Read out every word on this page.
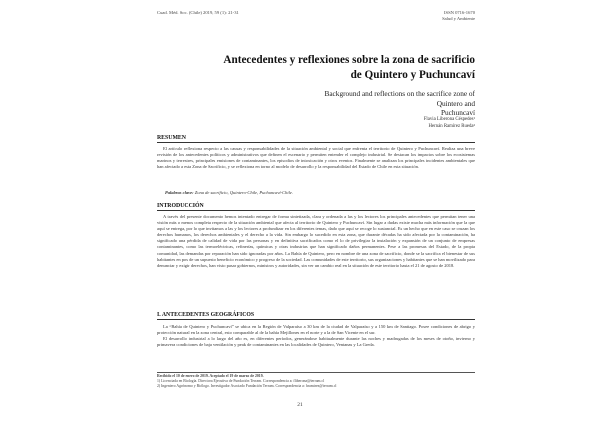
Cuad. Méd. Soc. (Chile) 2019, 59 (1): 21-31	ISSN 0716-1670
Salud y Ambiente
Antecedentes y reflexiones sobre la zona de sacrificio
de Quintero y Puchuncaví
Background and reflections on the sacrifice zone of Quintero and
Puchuncaví
Flavia Liberona Céspedes¹
Hernán Ramírez Rueda²
RESUMEN

El artículo reflexiona respecto a las causas y responsabilidades de la situación ambiental y social que enfrenta el territorio de Quintero y Puchuncaví. Realiza una breve revisión de los antecedentes políticos y administrativos que definen el escenario y permiten entender el complejo industrial. Se destacan los impactos sobre los ecosistemas marinos y terrestres, principales emisiones de contaminantes, los episodios de intoxicación y otros eventos. Finalmente se analizan los principales incidentes ambientales que han afectado a esta Zona de Sacrificio, y se reflexiona en torno al modelo de desarrollo y la responsabilidad del Estado de Chile en esta situación.

Palabras clave: Zona de sacrificio, Quintero-Chile, Puchuncaví-Chile.
INTRODUCCIÓN

A través del presente documento hemos intentado entregar de forma sintetizada, clara y ordenada a las y los lectores los principales antecedentes que permitan tener una visión más o menos completa respecto de la situación ambiental que afecta al territorio de Quintero y Puchuncaví. Sin lugar a dudas existe mucha más información que la que aquí se entrega, por lo que invitamos a las y los lectores a profundizar en los diferentes temas, dado que aquí se recoge lo sustancial. Es un hecho que en este caso se cruzan los derechos humanos, los derechos ambientales y el derecho a la vida. Sin embargo lo sucedido en esta zona, que durante décadas ha sido afectada por la contaminación, ha significado una pérdida de calidad de vida por las personas y en definitiva sacrificados como el lo de privilegiar la instalación y expansión de un conjunto de empresas contaminantes, como las termoeléctricas, refinerías, químicas y otras industrias que han significado daños permanentes. Pese a las promesas del Estado, de la propia comunidad, las demandas por reparación han sido ignoradas por años. La Bahía de Quintero, pero en nombre de una zona de sacrificio, donde se la sacrifica el bienestar de sus habitantes en pos de un supuesto beneficio económico y progreso de la sociedad. Las comunidades de este territorio, sus organizaciones y habitantes que se han movilizado para denunciar y exigir derechos, han visto pasar gobiernos, ministros y autoridades, sin ver un cambio real en la situación de este territorio hasta el 21 de agosto de 2018.

I. ANTECEDENTES GEOGRÁFICOS

La “Bahía de Quintero y Puchuncaví” se ubica en la Región de Valparaíso a 30 km de la ciudad de Valparaíso y a 150 km de Santiago. Posee condiciones de abrigo y protección natural en la zona central, esto comparable al de la bahía Mejillones en el norte y a la de San Vicente en el sur.

El desarrollo industrial a lo largo del año es, en diferentes períodos, generándose habitualmente durante las noches y madrugadas de los meses de otoño, invierno y primavera condiciones de baja ventilación y peak de contaminantes en las localidades de Quintero, Ventanas y La Greda.

Recibido el 10 de enero de 2019. Aceptado el 19 de marzo de 2019.
1) Licenciada en Biología. Directora Ejecutiva de Fundación Terram. Correspondencia a: fliberona@terram.cl
2) Ingeniero Agrónomo y Biólogo. Investigador Asociado Fundación Terram. Correspondencia a: hramirez@terram.cl
21
